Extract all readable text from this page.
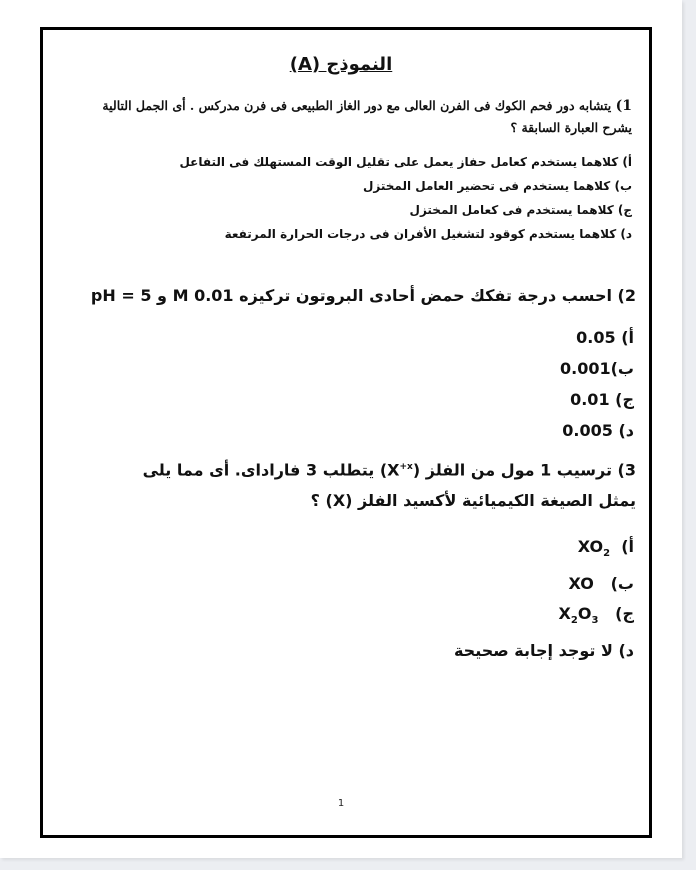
النموذج (A)
1) يتشابه دور فحم الكوك فى الفرن العالى مع دور الغاز الطبيعى فى فرن مدركس . أى الجمل التالية يشرح العبارة السابقة ؟
أ) كلاهما يستخدم كعامل حفاز يعمل على تقليل الوقت المستهلك فى التفاعل
ب) كلاهما يستخدم فى تحضير العامل المختزل
ج) كلاهما يستخدم فى كعامل المختزل
د) كلاهما يستخدم كوقود لتشغيل الأفران فى درجات الحرارة المرتفعة
2) احسب درجة تفكك حمض أحادى البروتون تركيزه 0.01 M و pH = 5
أ) 0.05
ب)0.001
ج) 0.01
د) 0.005
3) ترسيب 1 مول من الفلز $(X^{+x})$ يتطلب 3 فاراداى. أى مما يلى يمثل الصيغة الكيميائية لأكسيد الفلز (X) ؟
أ)  $XO_2$
ب)   XO
ج)   $X_2O_3$
د) لا توجد إجابة صحيحة
1
